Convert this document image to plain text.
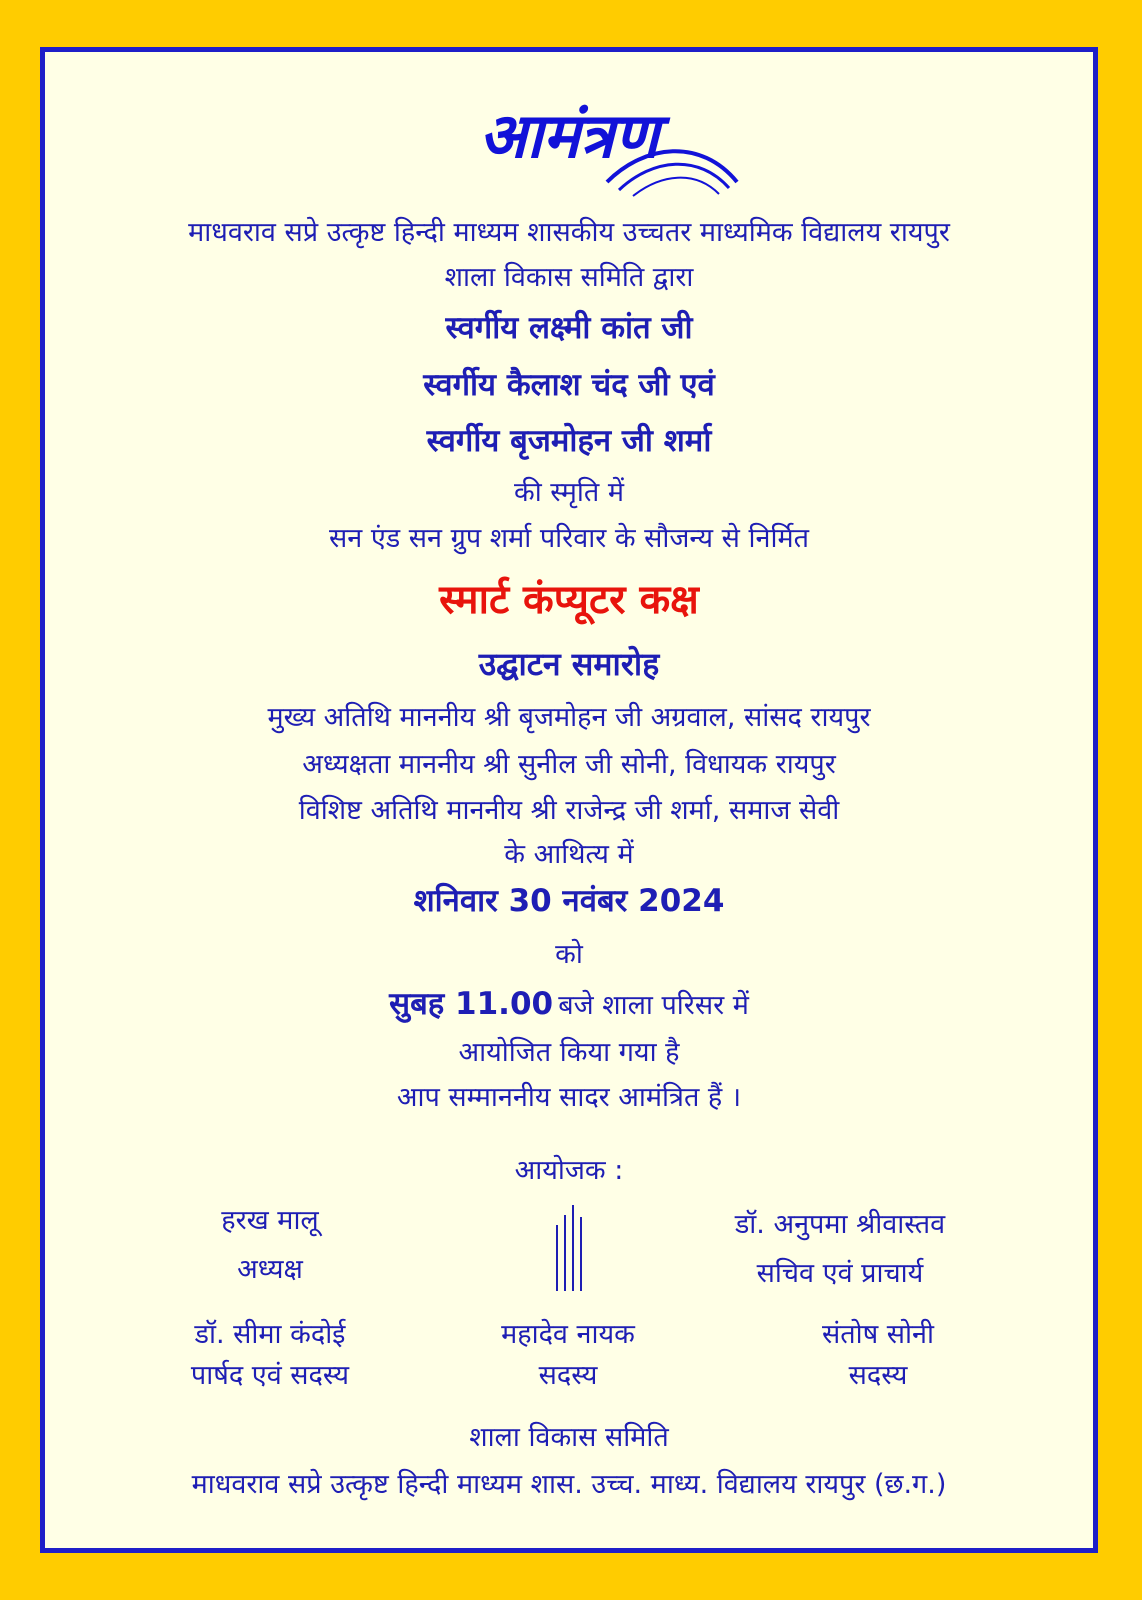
आमंत्रण
माधवराव सप्रे उत्कृष्ट हिन्दी माध्यम शासकीय उच्चतर माध्यमिक विद्यालय रायपुर
शाला विकास समिति द्वारा
स्वर्गीय लक्ष्मी कांत जी
स्वर्गीय कैलाश चंद जी एवं
स्वर्गीय बृजमोहन जी शर्मा
की स्मृति में
सन एंड सन ग्रुप शर्मा परिवार के सौजन्य से निर्मित
स्मार्ट कंप्यूटर कक्ष
उद्घाटन समारोह
मुख्य अतिथि माननीय श्री बृजमोहन जी अग्रवाल, सांसद रायपुर
अध्यक्षता माननीय श्री सुनील जी सोनी, विधायक रायपुर
विशिष्ट अतिथि माननीय श्री राजेन्द्र जी शर्मा, समाज सेवी
के आथित्य में
शनिवार 30 नवंबर 2024
को
सुबह 11.00 बजे शाला परिसर में
आयोजित किया गया है
आप सम्माननीय सादर आमंत्रित हैं ।
आयोजक :
हरख मालू
अध्यक्ष
डॉ. अनुपमा श्रीवास्तव
सचिव एवं प्राचार्य
डॉ. सीमा कंदोई
पार्षद एवं सदस्य
महादेव नायक
सदस्य
संतोष सोनी
सदस्य
शाला विकास समिति
माधवराव सप्रे उत्कृष्ट हिन्दी माध्यम शास. उच्च. माध्य. विद्यालय रायपुर (छ.ग.)
